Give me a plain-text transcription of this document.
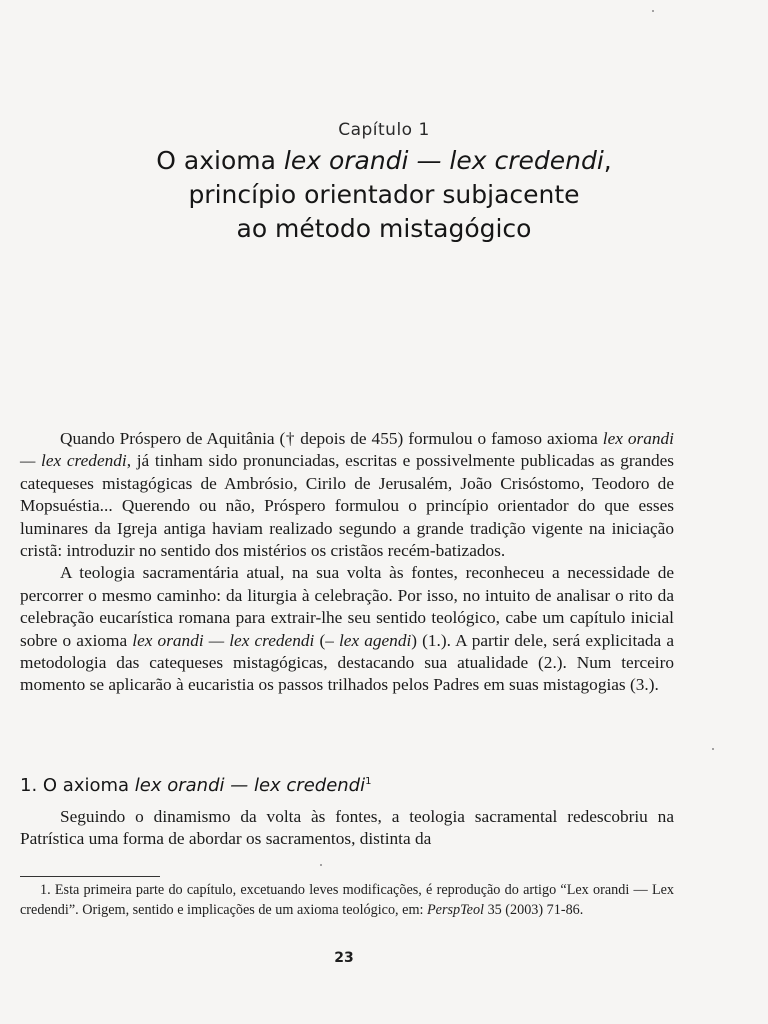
Capítulo 1
O axioma lex orandi — lex credendi,
princípio orientador subjacente
ao método mistagógico

Quando Próspero de Aquitânia († depois de 455) formulou o famoso axioma lex orandi — lex credendi, já tinham sido pronunciadas, escritas e possivelmente publicadas as grandes catequeses mistagógicas de Ambrósio, Cirilo de Jerusalém, João Crisóstomo, Teodoro de Mopsuéstia... Querendo ou não, Próspero formulou o princípio orientador do que esses luminares da Igreja antiga haviam realizado segundo a grande tradição vigente na iniciação cristã: introduzir no sentido dos mistérios os cristãos recém-batizados.

A teologia sacramentária atual, na sua volta às fontes, reconheceu a necessidade de percorrer o mesmo caminho: da liturgia à celebração. Por isso, no intuito de analisar o rito da celebração eucarística romana para extrair-lhe seu sentido teológico, cabe um capítulo inicial sobre o axioma lex orandi — lex credendi (– lex agendi) (1.). A partir dele, será explicitada a metodologia das catequeses mistagógicas, destacando sua atualidade (2.). Num terceiro momento se aplicarão à eucaristia os passos trilhados pelos Padres em suas mistagogias (3.).

1. O axioma lex orandi — lex credendi$^1$

Seguindo o dinamismo da volta às fontes, a teologia sacramental redescobriu na Patrística uma forma de abordar os sacramentos, distinta da

1. Esta primeira parte do capítulo, excetuando leves modificações, é reprodução do artigo “Lex orandi — Lex credendi”. Origem, sentido e implicações de um axioma teológico, em: PerspTeol 35 (2003) 71-86.

23
